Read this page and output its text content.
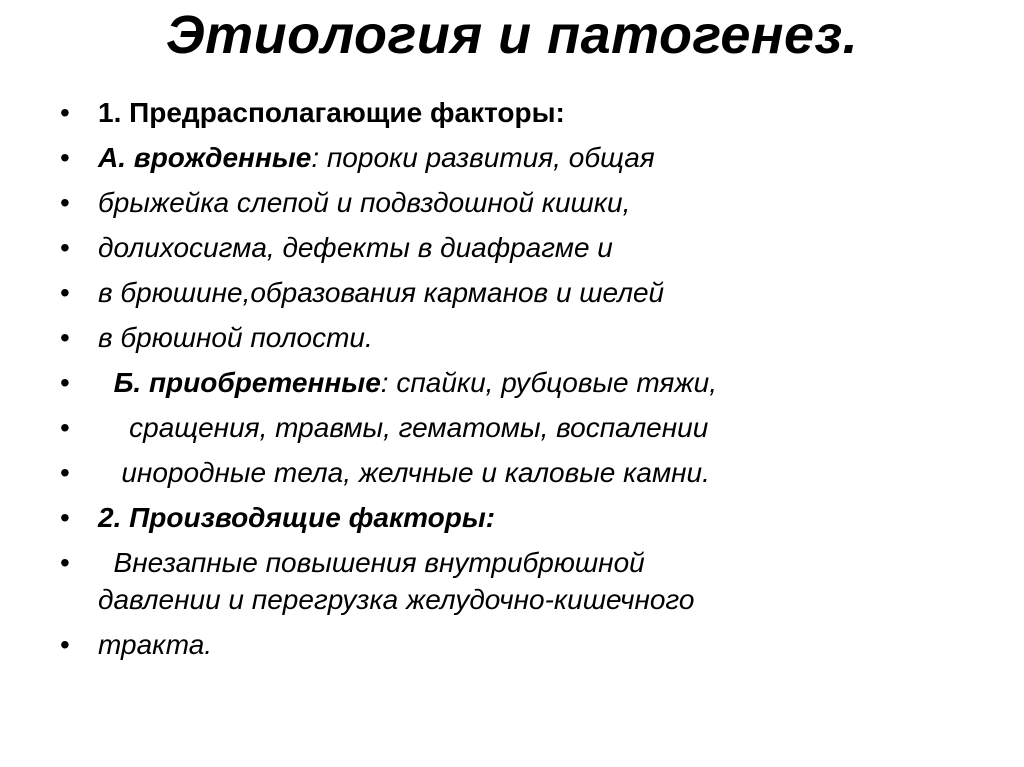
Этиология и патогенез.
• 1. Предрасполагающие факторы:
• А. врожденные: пороки развития, общая
• брыжейка слепой и подвздошной кишки,
• долихосигма, дефекты в диафрагме и
• в брюшине,образования карманов и шелей
• в брюшной полости.
•	Б. приобретенные: спайки, рубцовые тяжи,
• сращения, травмы, гематомы, воспалении
• инородные тела, желчные и каловые камни.
• 2. Производящие факторы:
• Внезапные повышения внутрибрюшной
давлении и перегрузка желудочно-кишечного
• тракта.
